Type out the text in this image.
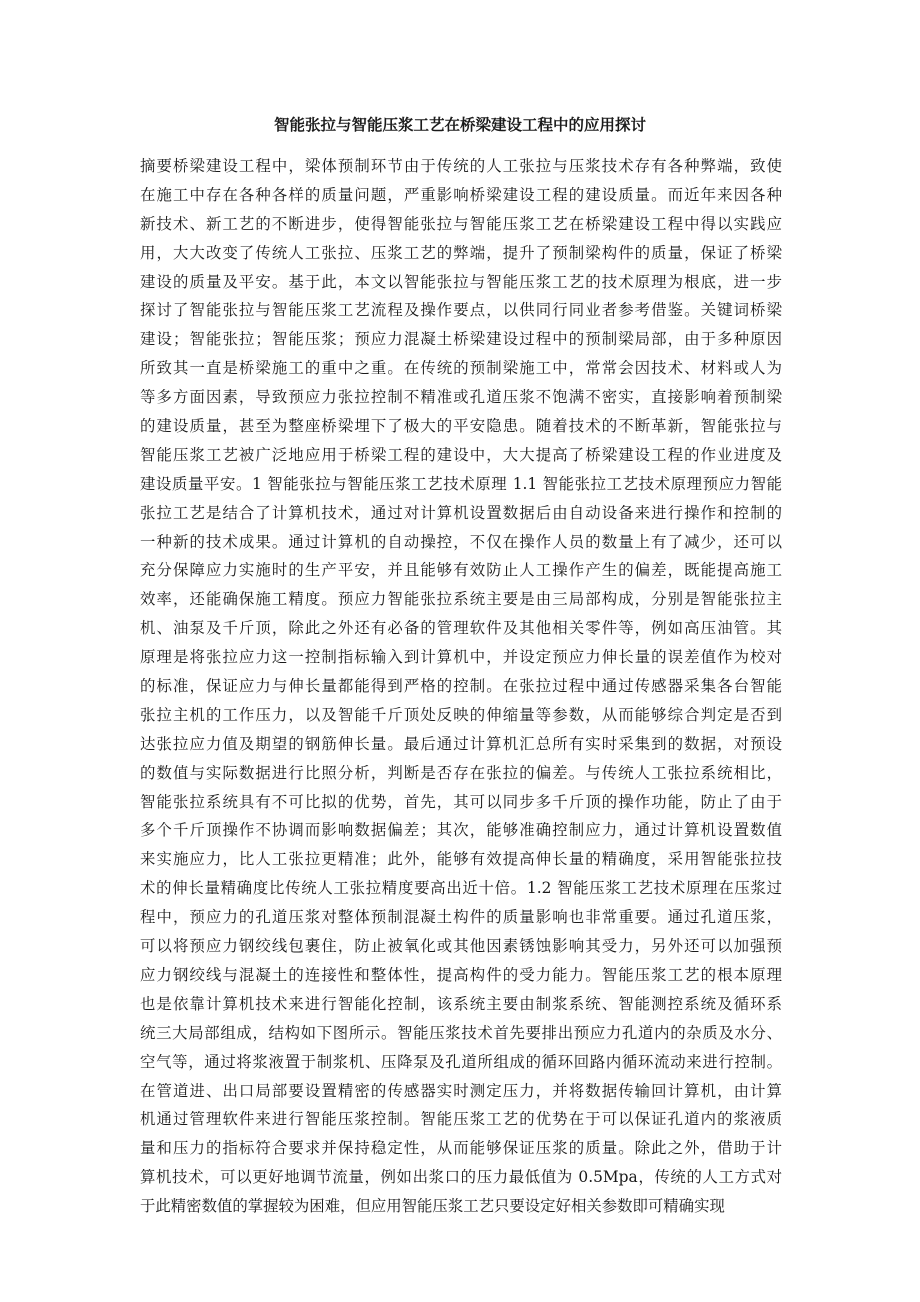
智能张拉与智能压浆工艺在桥梁建设工程中的应用探讨
摘要桥梁建设工程中，梁体预制环节由于传统的人工张拉与压浆技术存有各种弊端，致使
在施工中存在各种各样的质量问题，严重影响桥梁建设工程的建设质量。而近年来因各种
新技术、新工艺的不断进步，使得智能张拉与智能压浆工艺在桥梁建设工程中得以实践应
用，大大改变了传统人工张拉、压浆工艺的弊端，提升了预制梁构件的质量，保证了桥梁
建设的质量及平安。基于此，本文以智能张拉与智能压浆工艺的技术原理为根底，进一步
探讨了智能张拉与智能压浆工艺流程及操作要点，以供同行同业者参考借鉴。关键词桥梁
建设；智能张拉；智能压浆；预应力混凝土桥梁建设过程中的预制梁局部，由于多种原因
所致其一直是桥梁施工的重中之重。在传统的预制梁施工中，常常会因技术、材料或人为
等多方面因素，导致预应力张拉控制不精准或孔道压浆不饱满不密实，直接影响着预制梁
的建设质量，甚至为整座桥梁埋下了极大的平安隐患。随着技术的不断革新，智能张拉与
智能压浆工艺被广泛地应用于桥梁工程的建设中，大大提高了桥梁建设工程的作业进度及
建设质量平安。1 智能张拉与智能压浆工艺技术原理 1.1 智能张拉工艺技术原理预应力智能
张拉工艺是结合了计算机技术，通过对计算机设置数据后由自动设备来进行操作和控制的
一种新的技术成果。通过计算机的自动操控，不仅在操作人员的数量上有了减少，还可以
充分保障应力实施时的生产平安，并且能够有效防止人工操作产生的偏差，既能提高施工
效率，还能确保施工精度。预应力智能张拉系统主要是由三局部构成，分别是智能张拉主
机、油泵及千斤顶，除此之外还有必备的管理软件及其他相关零件等，例如高压油管。其
原理是将张拉应力这一控制指标输入到计算机中，并设定预应力伸长量的误差值作为校对
的标准，保证应力与伸长量都能得到严格的控制。在张拉过程中通过传感器采集各台智能
张拉主机的工作压力，以及智能千斤顶处反映的伸缩量等参数，从而能够综合判定是否到
达张拉应力值及期望的钢筋伸长量。最后通过计算机汇总所有实时采集到的数据，对预设
的数值与实际数据进行比照分析，判断是否存在张拉的偏差。与传统人工张拉系统相比，
智能张拉系统具有不可比拟的优势，首先，其可以同步多千斤顶的操作功能，防止了由于
多个千斤顶操作不协调而影响数据偏差；其次，能够准确控制应力，通过计算机设置数值
来实施应力，比人工张拉更精准；此外，能够有效提高伸长量的精确度，采用智能张拉技
术的伸长量精确度比传统人工张拉精度要高出近十倍。1.2 智能压浆工艺技术原理在压浆过
程中，预应力的孔道压浆对整体预制混凝土构件的质量影响也非常重要。通过孔道压浆，
可以将预应力钢绞线包裹住，防止被氧化或其他因素锈蚀影响其受力，另外还可以加强预
应力钢绞线与混凝土的连接性和整体性，提高构件的受力能力。智能压浆工艺的根本原理
也是依靠计算机技术来进行智能化控制，该系统主要由制浆系统、智能测控系统及循环系
统三大局部组成，结构如下图所示。智能压浆技术首先要排出预应力孔道内的杂质及水分、
空气等，通过将浆液置于制浆机、压降泵及孔道所组成的循环回路内循环流动来进行控制。
在管道进、出口局部要设置精密的传感器实时测定压力，并将数据传输回计算机，由计算
机通过管理软件来进行智能压浆控制。智能压浆工艺的优势在于可以保证孔道内的浆液质
量和压力的指标符合要求并保持稳定性，从而能够保证压浆的质量。除此之外，借助于计
算机技术，可以更好地调节流量，例如出浆口的压力最低值为 0.5Mpa，传统的人工方式对
于此精密数值的掌握较为困难，但应用智能压浆工艺只要设定好相关参数即可精确实现
